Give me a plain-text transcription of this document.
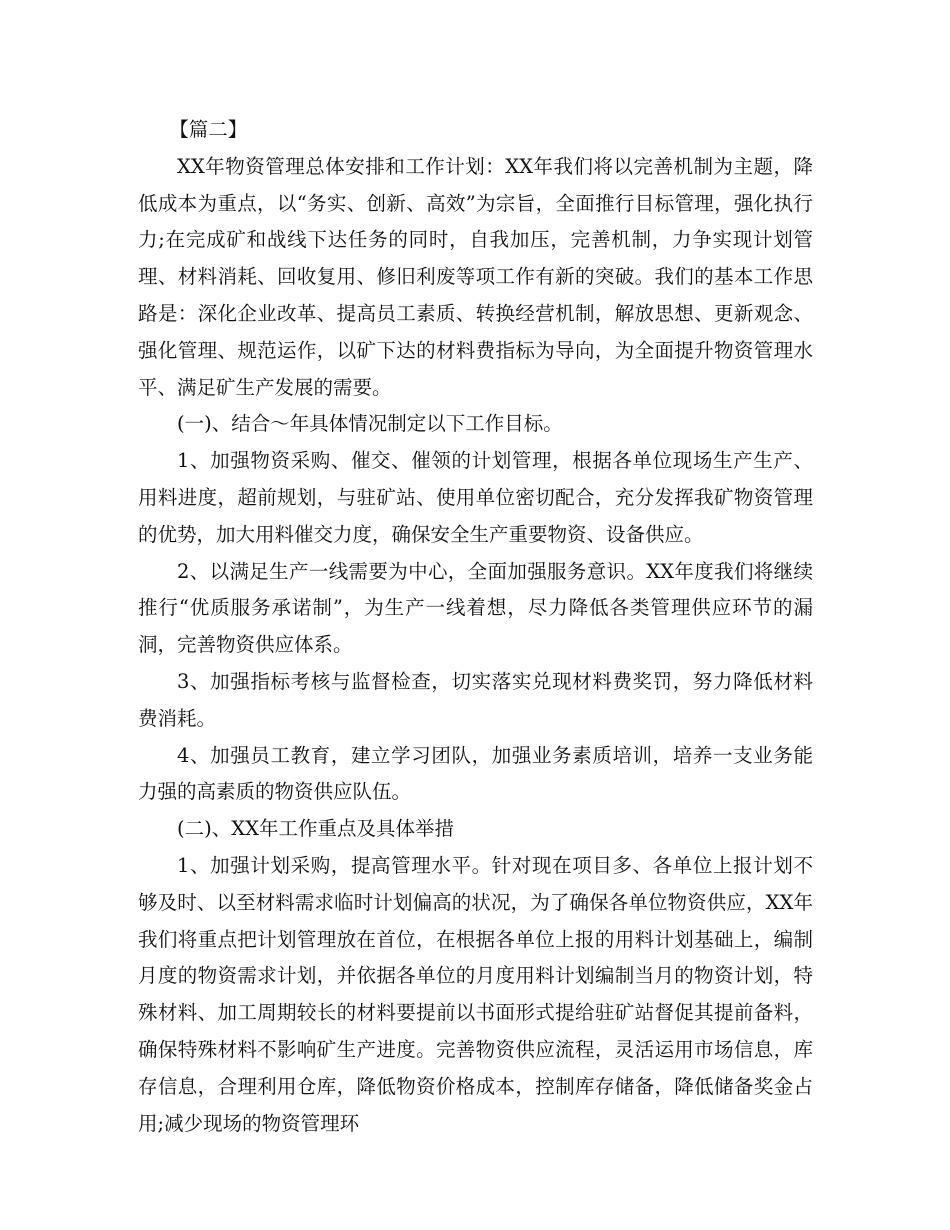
【篇二】

XX年物资管理总体安排和工作计划：XX年我们将以完善机制为主题，降低成本为重点，以“务实、创新、高效”为宗旨，全面推行目标管理，强化执行力;在完成矿和战线下达任务的同时，自我加压，完善机制，力争实现计划管理、材料消耗、回收复用、修旧利废等项工作有新的突破。我们的基本工作思路是：深化企业改革、提高员工素质、转换经营机制，解放思想、更新观念、强化管理、规范运作，以矿下达的材料费指标为导向，为全面提升物资管理水平、满足矿生产发展的需要。

(一)、结合～年具体情况制定以下工作目标。

1、加强物资采购、催交、催领的计划管理，根据各单位现场生产生产、用料进度，超前规划，与驻矿站、使用单位密切配合，充分发挥我矿物资管理的优势，加大用料催交力度，确保安全生产重要物资、设备供应。

2、以满足生产一线需要为中心，全面加强服务意识。XX年度我们将继续推行“优质服务承诺制”，为生产一线着想，尽力降低各类管理供应环节的漏洞，完善物资供应体系。

3、加强指标考核与监督检查，切实落实兑现材料费奖罚，努力降低材料费消耗。

4、加强员工教育，建立学习团队，加强业务素质培训，培养一支业务能力强的高素质的物资供应队伍。

(二)、XX年工作重点及具体举措

1、加强计划采购，提高管理水平。针对现在项目多、各单位上报计划不够及时、以至材料需求临时计划偏高的状况，为了确保各单位物资供应，XX年我们将重点把计划管理放在首位，在根据各单位上报的用料计划基础上，编制月度的物资需求计划，并依据各单位的月度用料计划编制当月的物资计划，特殊材料、加工周期较长的材料要提前以书面形式提给驻矿站督促其提前备料，确保特殊材料不影响矿生产进度。完善物资供应流程，灵活运用市场信息，库存信息，合理利用仓库，降低物资价格成本，控制库存储备，降低储备奖金占用;减少现场的物资管理环
